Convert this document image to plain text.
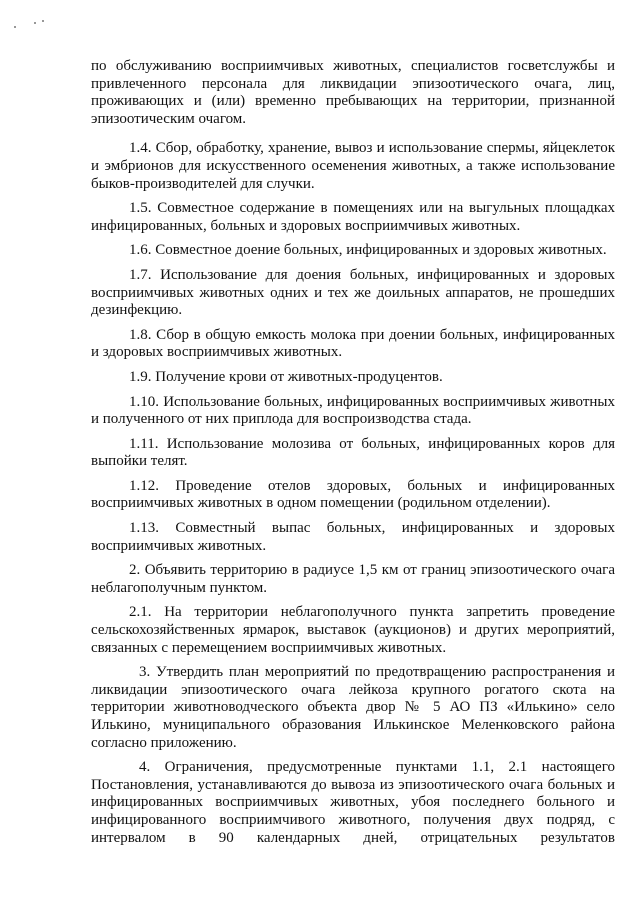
по обслуживанию восприимчивых животных, специалистов госветслужбы и привлеченного персонала для ликвидации эпизоотического очага, лиц, проживающих и (или) временно пребывающих на территории, признанной эпизоотическим очагом.

1.4. Сбор, обработку, хранение, вывоз и использование спермы, яйцеклеток и эмбрионов для искусственного осеменения животных, а также использование быков-производителей для случки.

1.5. Совместное содержание в помещениях или на выгульных площадках инфицированных, больных и здоровых восприимчивых животных.

1.6. Совместное доение больных, инфицированных и здоровых животных.

1.7. Использование для доения больных, инфицированных и здоровых восприимчивых животных одних и тех же доильных аппаратов, не прошедших дезинфекцию.

1.8. Сбор в общую емкость молока при доении больных, инфицированных и здоровых восприимчивых животных.

1.9. Получение крови от животных-продуцентов.

1.10. Использование больных, инфицированных восприимчивых животных и полученного от них приплода для воспроизводства стада.

1.11. Использование молозива от больных, инфицированных коров для выпойки телят.

1.12. Проведение отелов здоровых, больных и инфицированных восприимчивых животных в одном помещении (родильном отделении).

1.13. Совместный выпас больных, инфицированных и здоровых восприимчивых животных.

2. Объявить территорию в радиусе 1,5 км от границ эпизоотического очага неблагополучным пунктом.

2.1. На территории неблагополучного пункта запретить проведение сельскохозяйственных ярмарок, выставок (аукционов) и других мероприятий, связанных с перемещением восприимчивых животных.

3. Утвердить план мероприятий по предотвращению распространения и ликвидации эпизоотического очага лейкоза крупного рогатого скота на территории животноводческого объекта двор № 5 АО ПЗ «Илькино» село Илькино, муниципального образования Илькинское Меленковского района согласно приложению.

4. Ограничения, предусмотренные пунктами 1.1, 2.1 настоящего Постановления, устанавливаются до вывоза из эпизоотического очага больных и инфицированных восприимчивых животных, убоя последнего больного и инфицированного восприимчивого животного, получения двух подряд, с интервалом в 90 календарных дней, отрицательных результатов
